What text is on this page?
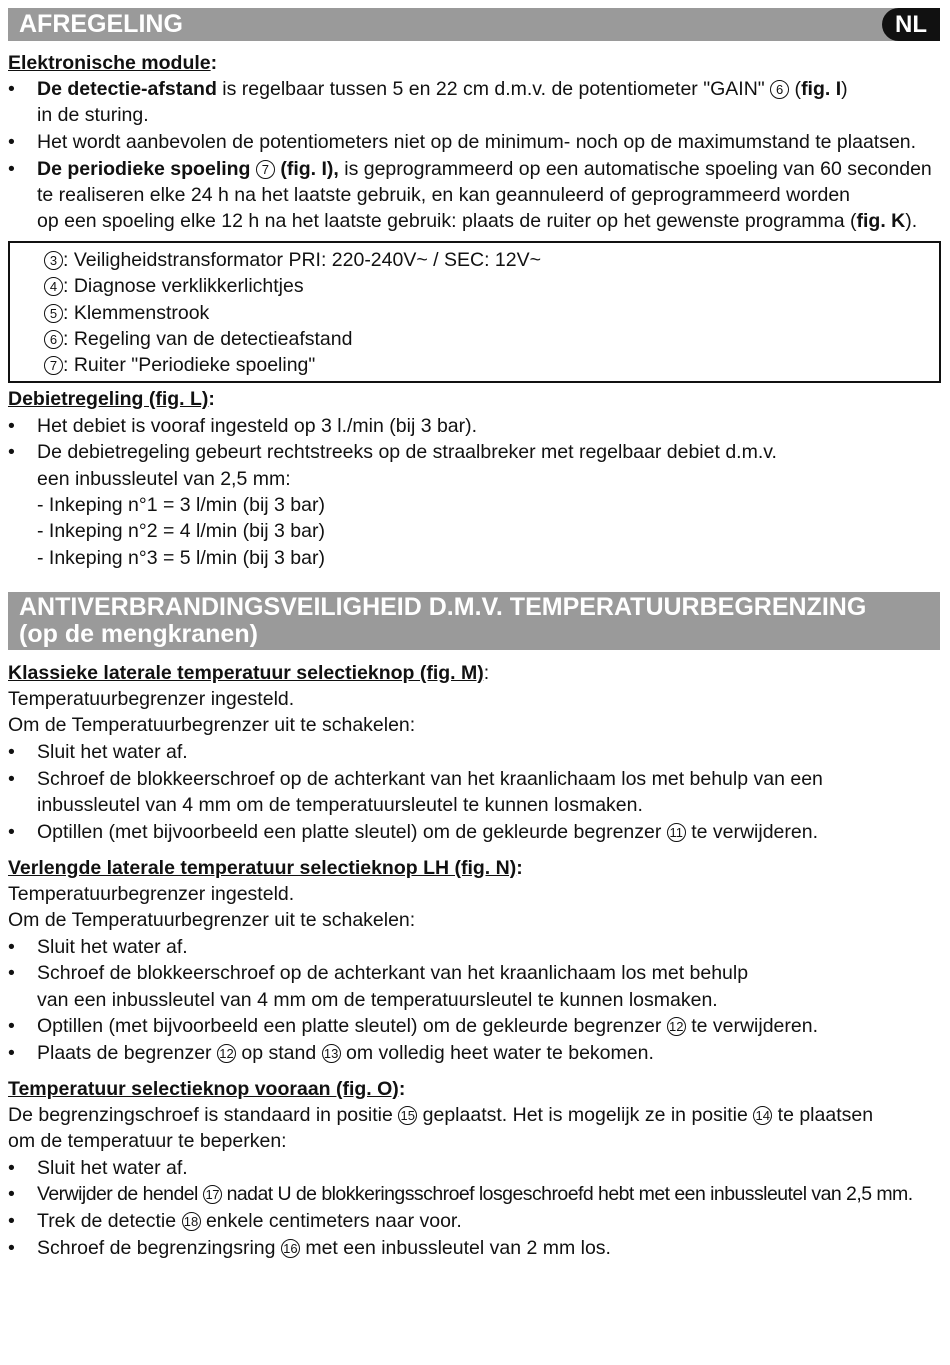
AFREGELING	NL
Elektronische module:
• De detectie-afstand is regelbaar tussen 5 en 22 cm d.m.v. de potentiometer "GAIN" 6 (fig. I)
in de sturing.
• Het wordt aanbevolen de potentiometers niet op de minimum- noch op de maximumstand te plaatsen.
• De periodieke spoeling 7 (fig. I), is geprogrammeerd op een automatische spoeling van 60 seconden
te realiseren elke 24 h na het laatste gebruik, en kan geannuleerd of geprogrammeerd worden
op een spoeling elke 12 h na het laatste gebruik: plaats de ruiter op het gewenste programma (fig. K).
3 : Veiligheidstransformator PRI: 220-240V~ / SEC: 12V~
4 : Diagnose verklikkerlichtjes
5 : Klemmenstrook
6 : Regeling van de detectieafstand
7 : Ruiter "Periodieke spoeling"
Debietregeling (fig. L):
• Het debiet is vooraf ingesteld op 3 l./min (bij 3 bar).
• De debietregeling gebeurt rechtstreeks op de straalbreker met regelbaar debiet d.m.v.
een inbussleutel van 2,5 mm:
- Inkeping n°1 = 3 l/min (bij 3 bar)
- Inkeping n°2 = 4 l/min (bij 3 bar)
- Inkeping n°3 = 5 l/min (bij 3 bar)
ANTIVERBRANDINGSVEILIGHEID D.M.V. TEMPERATUURBEGRENZING
(op de mengkranen)
Klassieke laterale temperatuur selectieknop (fig. M):
Temperatuurbegrenzer ingesteld.
Om de Temperatuurbegrenzer uit te schakelen:
• Sluit het water af.
• Schroef de blokkeerschroef op de achterkant van het kraanlichaam los met behulp van een
inbussleutel van 4 mm om de temperatuursleutel te kunnen losmaken.
• Optillen (met bijvoorbeeld een platte sleutel) om de gekleurde begrenzer 11 te verwijderen.
Verlengde laterale temperatuur selectieknop LH (fig. N):
Temperatuurbegrenzer ingesteld.
Om de Temperatuurbegrenzer uit te schakelen:
• Sluit het water af.
• Schroef de blokkeerschroef op de achterkant van het kraanlichaam los met behulp
van een inbussleutel van 4 mm om de temperatuursleutel te kunnen losmaken.
• Optillen (met bijvoorbeeld een platte sleutel) om de gekleurde begrenzer 12 te verwijderen.
• Plaats de begrenzer 12 op stand 13 om volledig heet water te bekomen.
Temperatuur selectieknop vooraan (fig. O):
De begrenzingschroef is standaard in positie 15 geplaatst. Het is mogelijk ze in positie 14 te plaatsen
om de temperatuur te beperken:
• Sluit het water af.
• Verwijder de hendel 17 nadat U de blokkeringsschroef losgeschroefd hebt met een inbussleutel van 2,5 mm.
• Trek de detectie 18 enkele centimeters naar voor.
• Schroef de begrenzingsring 16 met een inbussleutel van 2 mm los.
